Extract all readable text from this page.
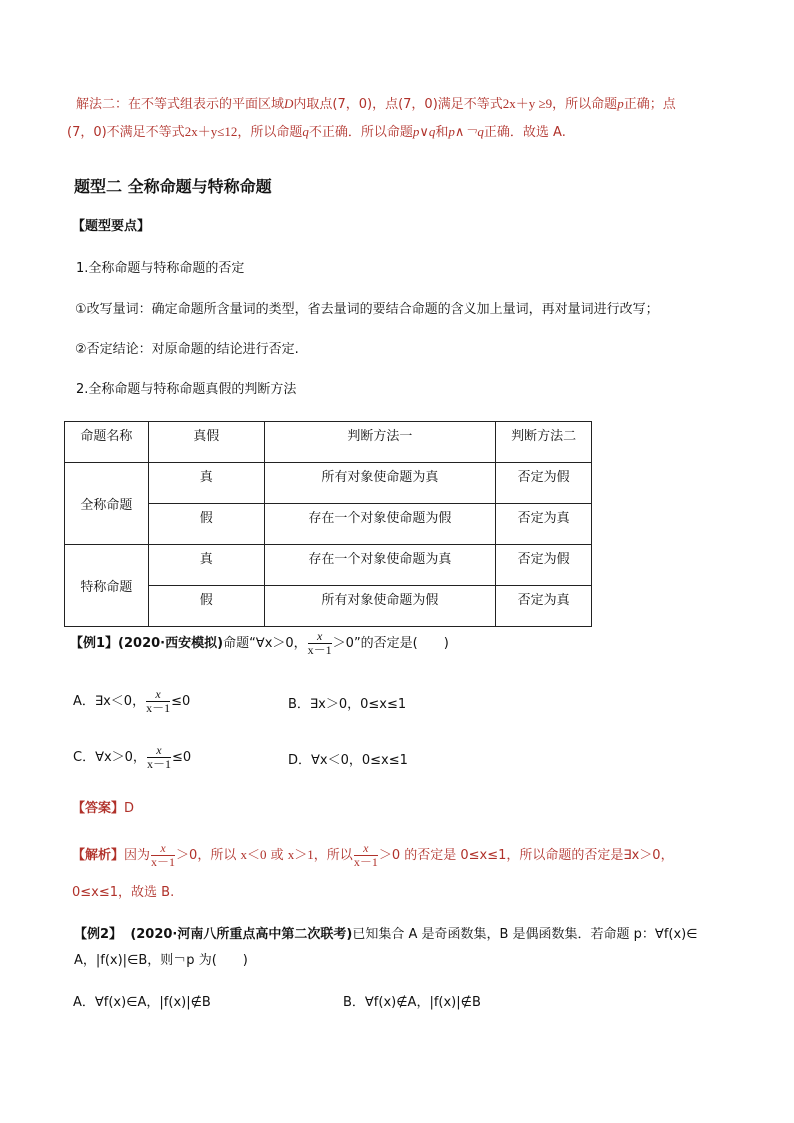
解法二：在不等式组表示的平面区域D内取点(7，0)，点(7，0)满足不等式2x＋y ≥9，所以命题p正确；点
(7，0)不满足不等式2x＋y≤12，所以命题q不正确．所以命题p∨q和p∧￢q正确．故选 A.
题型二 全称命题与特称命题
【题型要点】
1.全称命题与特称命题的否定
①改写量词：确定命题所含量词的类型，省去量词的要结合命题的含义加上量词，再对量词进行改写；
②否定结论：对原命题的结论进行否定.
2.全称命题与特称命题真假的判断方法
命题名称	真假	判断方法一	判断方法二

全称命题	真	所有对象使命题为真	否定为假

	假	存在一个对象使命题为假	否定为真

特称命题	真	存在一个对象使命题为真	否定为假

	假	所有对象使命题为假	否定为真
【例1】(2020·西安模拟)命题“∀x＞0， $\frac{x}{x-1} >0$”的否定是(　　)
A．∃x＜0， $\frac{x}{x-1} \le 0$	B．∃x＞0，0≤x≤1
C．∀x＞0， $\frac{x}{x-1} \le 0$	D．∀x＜0，0≤x≤1
【答案】D
【解析】因为 $\frac{x}{x-1} >0$，所以 x＜0 或 x＞1，所以 $\frac{x}{x-1} >0$ 的否定是 0≤x≤1，所以命题的否定是∃x＞0，
0≤x≤1，故选 B.
【例2】 (2020·河南八所重点高中第二次联考)已知集合 A 是奇函数集，B 是偶函数集．若命题 p：∀f(x)∈
A，|f(x)|∈B，则￢p 为(　　)
A．∀f(x)∈A，|f(x)|∉B	B．∀f(x)∉A，|f(x)|∉B
